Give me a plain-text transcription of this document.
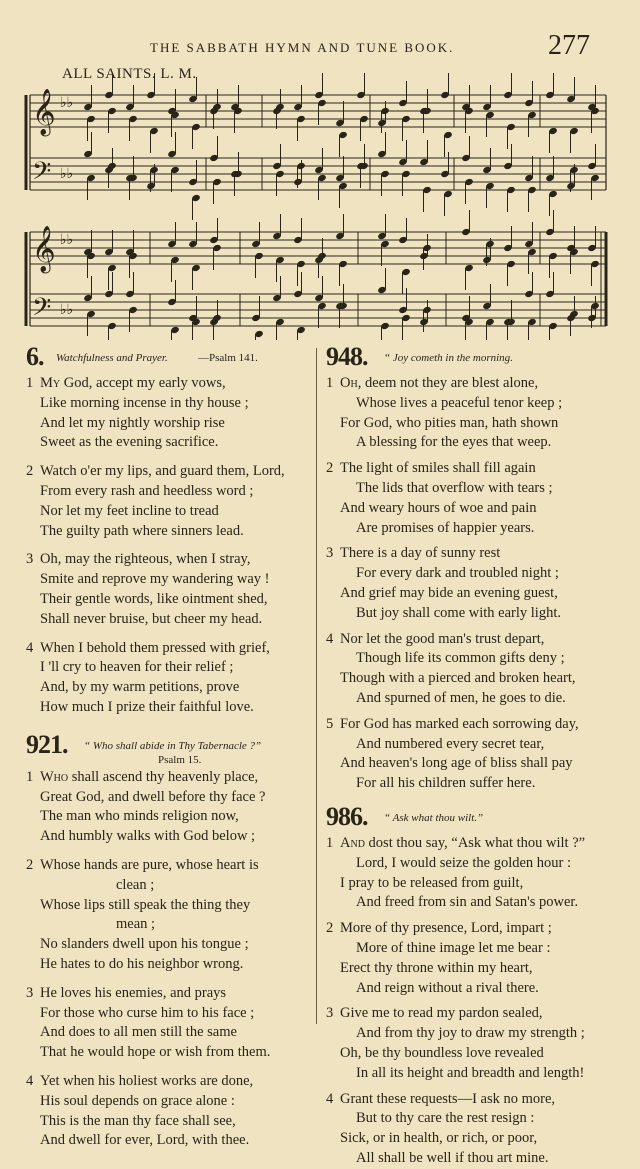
THE SABBATH HYMN AND TUNE BOOK.	277
ALL SAINTS. L. M.
𝄞 ♭♭
𝄢 ♭♭
𝄞 ♭♭
𝄢 ♭♭
6. Watchfulness and Prayer.	—Psalm 141.
1 My God, accept my early vows,
Like morning incense in thy house ;
And let my nightly worship rise
Sweet as the evening sacrifice.
2 Watch o'er my lips, and guard them, Lord,
From every rash and heedless word ;
Nor let my feet incline to tread
The guilty path where sinners lead.
3 Oh, may the righteous, when I stray,
Smite and reprove my wandering way !
Their gentle words, like ointment shed,
Shall never bruise, but cheer my head.
4 When I behold them pressed with grief,
I 'll cry to heaven for their relief ;
And, by my warm petitions, prove
How much I prize their faithful love.
921. “ Who shall abide in Thy Tabernacle ?”
Psalm 15.
1 Who shall ascend thy heavenly place,
Great God, and dwell before thy face ?
The man who minds religion now,
And humbly walks with God below ;
2 Whose hands are pure, whose heart is
clean ;
Whose lips still speak the thing they
mean ;
No slanders dwell upon his tongue ;
He hates to do his neighbor wrong.
3 He loves his enemies, and prays
For those who curse him to his face ;
And does to all men still the same
That he would hope or wish from them.
4 Yet when his holiest works are done,
His soul depends on grace alone :
This is the man thy face shall see,
And dwell for ever, Lord, with thee.
948. “ Joy cometh in the morning.
1 Oh, deem not they are blest alone,
Whose lives a peaceful tenor keep ;
For God, who pities man, hath shown
A blessing for the eyes that weep.
2 The light of smiles shall fill again
The lids that overflow with tears ;
And weary hours of woe and pain
Are promises of happier years.
3 There is a day of sunny rest
For every dark and troubled night ;
And grief may bide an evening guest,
But joy shall come with early light.
4 Nor let the good man's trust depart,
Though life its common gifts deny ;
Though with a pierced and broken heart,
And spurned of men, he goes to die.
5 For God has marked each sorrowing day,
And numbered every secret tear,
And heaven's long age of bliss shall pay
For all his children suffer here.
986. “ Ask what thou wilt.”
1 And dost thou say, “Ask what thou wilt ?”
Lord, I would seize the golden hour :
I pray to be released from guilt,
And freed from sin and Satan's power.
2 More of thy presence, Lord, impart ;
More of thine image let me bear :
Erect thy throne within my heart,
And reign without a rival there.
3 Give me to read my pardon sealed,
And from thy joy to draw my strength ;
Oh, be thy boundless love revealed
In all its height and breadth and length!
4 Grant these requests—I ask no more,
But to thy care the rest resign :
Sick, or in health, or rich, or poor,
All shall be well if thou art mine.
